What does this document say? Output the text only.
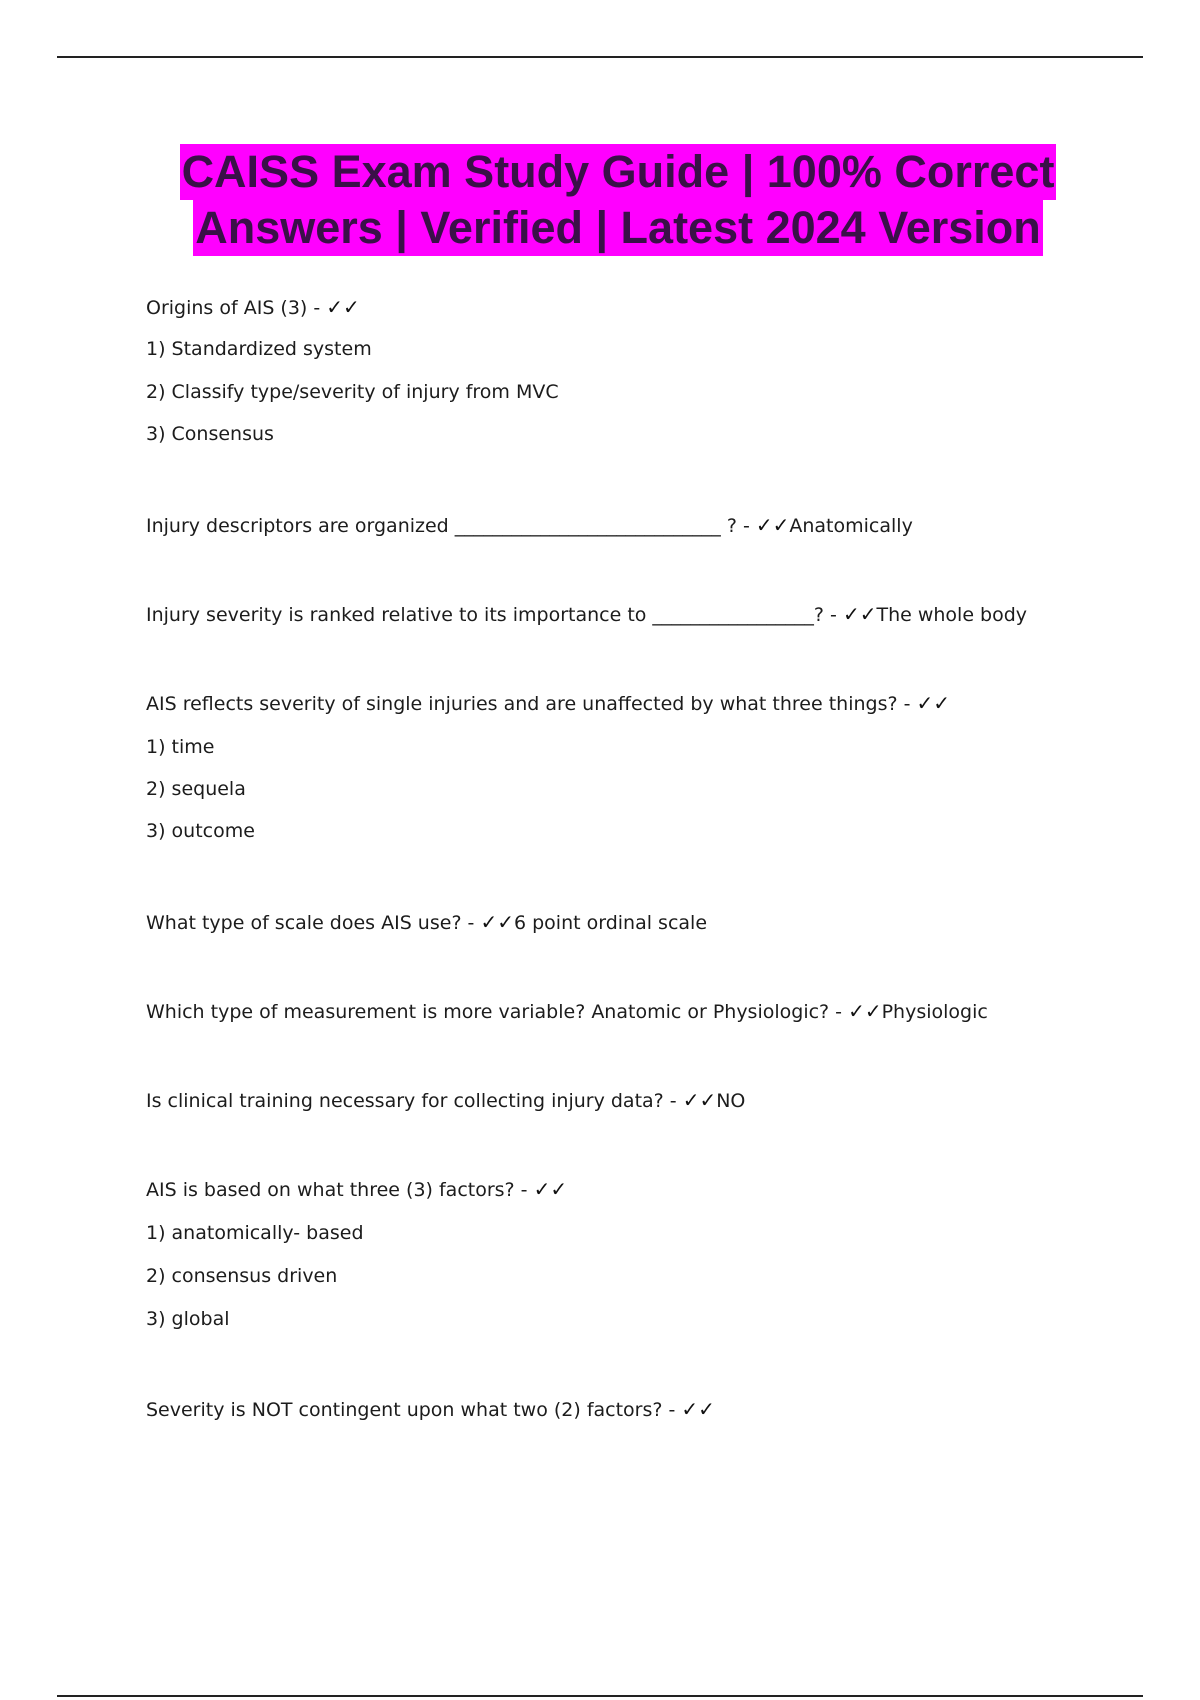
CAISS Exam Study Guide | 100% Correct
Answers | Verified | Latest 2024 Version
Origins of AIS (3) - ✓✓
1) Standardized system
2) Classify type/severity of injury from MVC
3) Consensus
Injury descriptors are organized ____________________________ ? - ✓✓Anatomically
Injury severity is ranked relative to its importance to _________________? - ✓✓The whole body
AIS reflects severity of single injuries and are unaffected by what three things? - ✓✓
1) time
2) sequela
3) outcome
What type of scale does AIS use? - ✓✓6 point ordinal scale
Which type of measurement is more variable? Anatomic or Physiologic? - ✓✓Physiologic
Is clinical training necessary for collecting injury data? - ✓✓NO
AIS is based on what three (3) factors? - ✓✓
1) anatomically- based
2) consensus driven
3) global
Severity is NOT contingent upon what two (2) factors? - ✓✓
